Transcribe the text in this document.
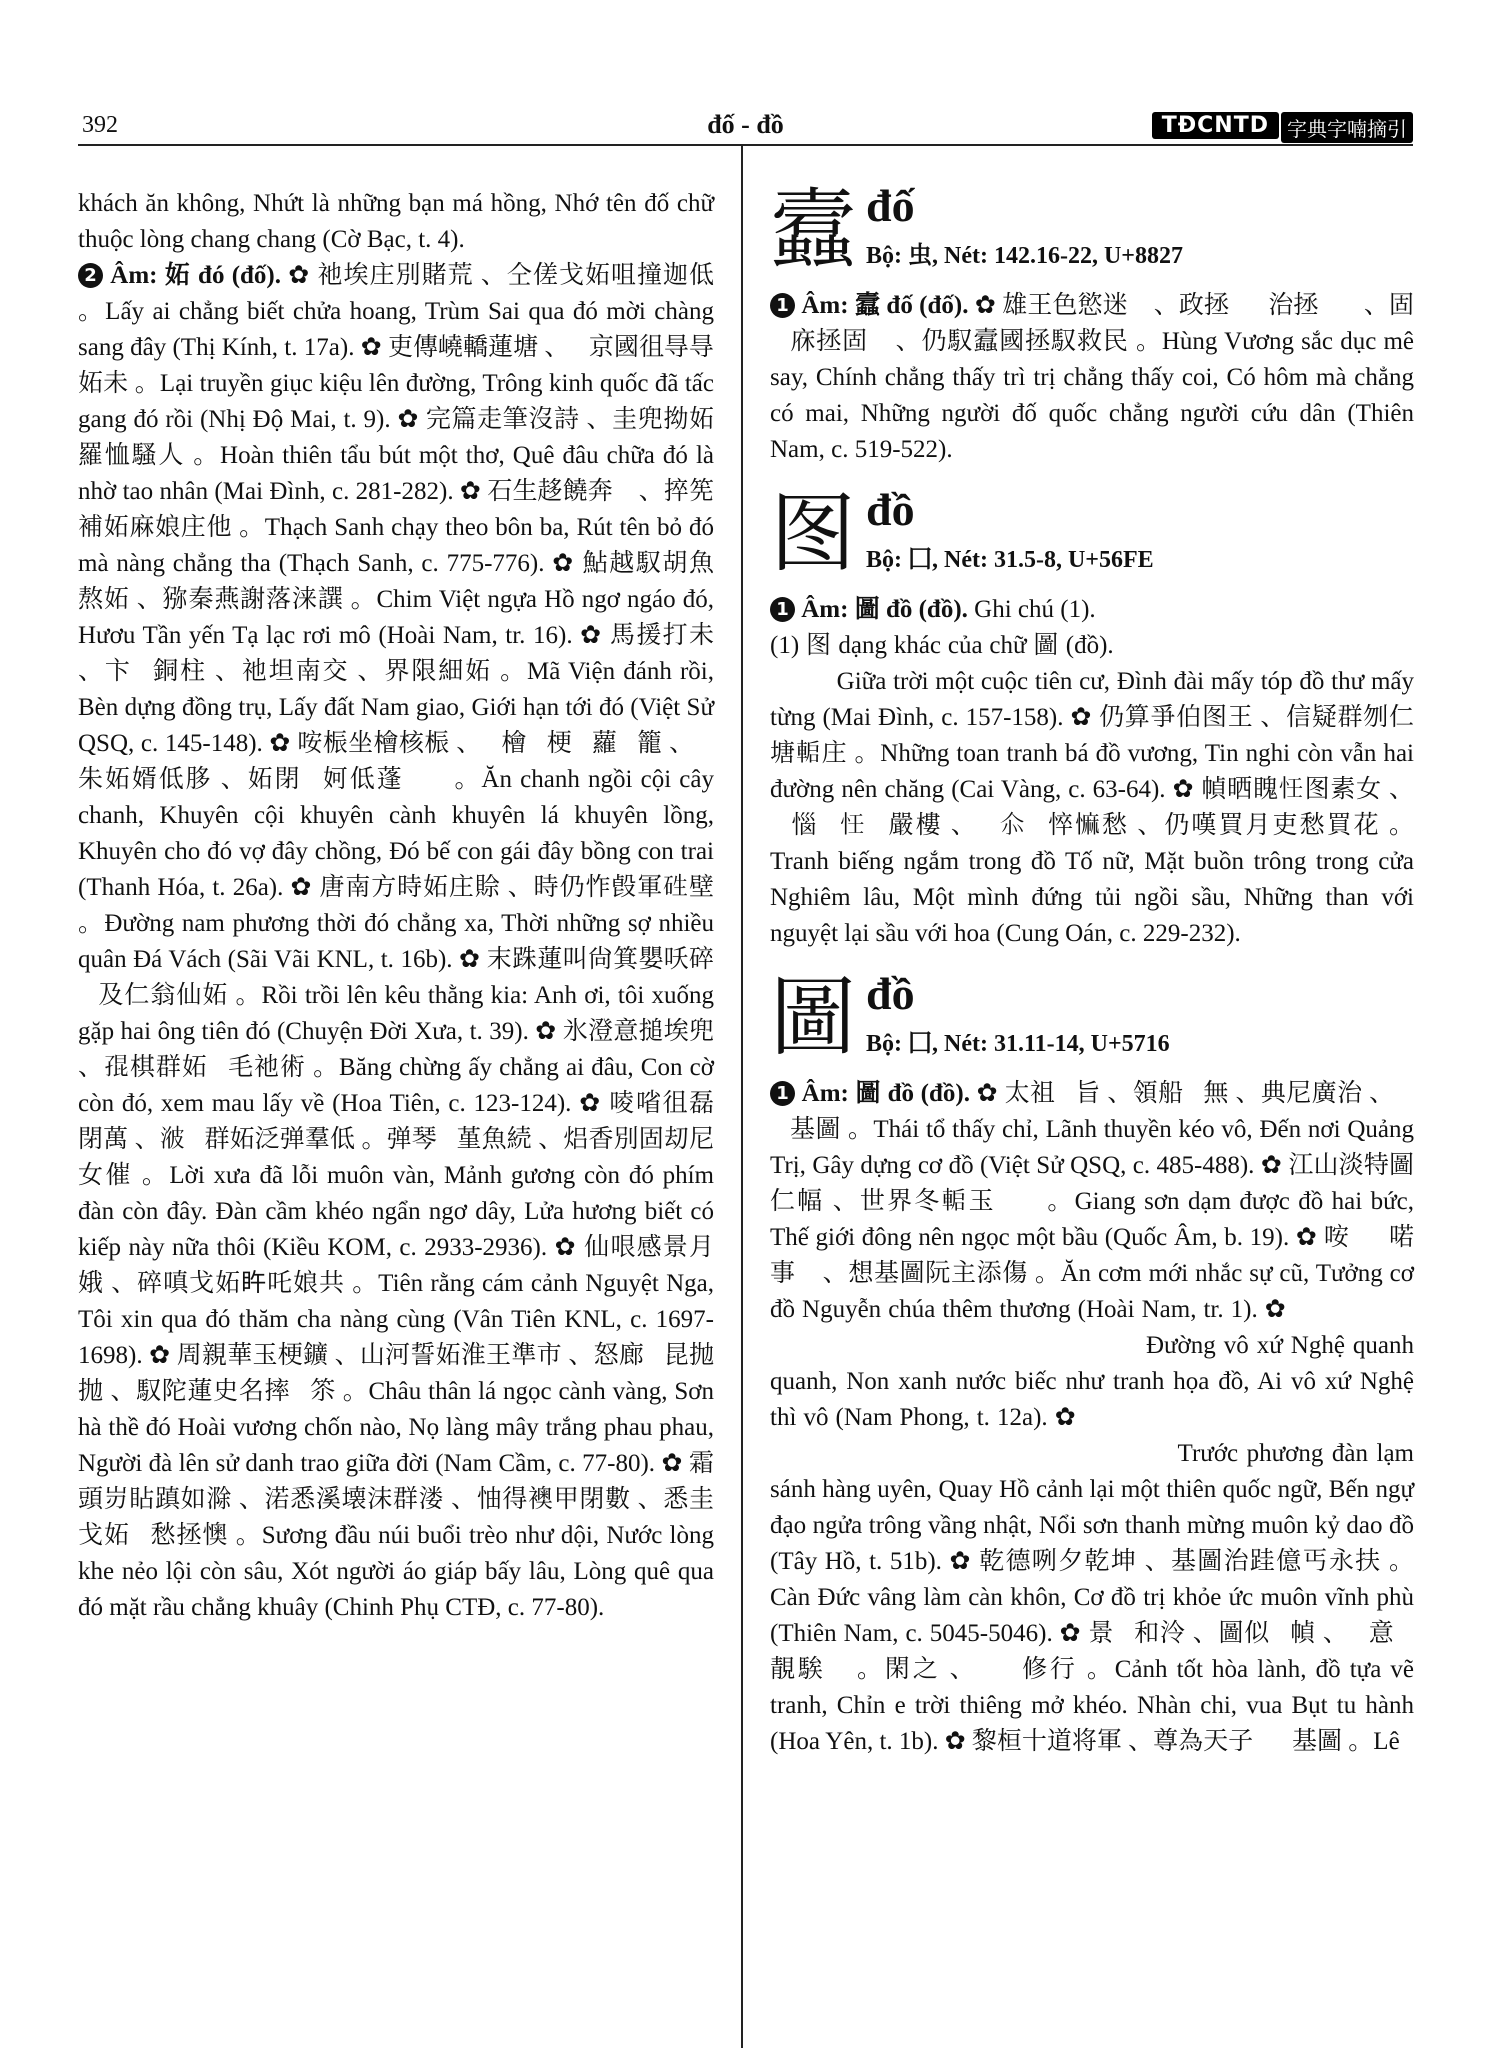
392	đố - đồ	TĐCNTD 字典字喃摘引

khách ăn không, Nhứt là những bạn má hồng, Nhớ tên đố chữ thuộc lòng chang chang (Cờ Bạc, t. 4).

2 Âm: 妬 đó (đố). ✿ 祂埃庄別賭荒 、仝傞戈妬咀撞迦低 。Lấy ai chẳng biết chửa hoang, Trùm Sai qua đó mời chàng sang đây (Thị Kính, t. 17a). ✿ 吏傳嶢轎蓮塘 、𨤵京國徂㝵㝵妬未 。Lại truyền giục kiệu lên đường, Trông kinh quốc đã tấc gang đó rồi (Nhị Độ Mai, t. 9). ✿ 完篇走筆沒詩 、圭兜拗妬羅恤騷人 。Hoàn thiên tẩu bút một thơ, Quê đâu chữa đó là nhờ tao nhân (Mai Đình, c. 281-282). ✿ 石生趍饒奔𠰳 、捽筅補妬麻娘庄他 。Thạch Sanh chạy theo bôn ba, Rút tên bỏ đó mà nàng chẳng tha (Thạch Sanh, c. 775-776). ✿ 鮎越馭胡魚熬妬 、猕秦燕謝落涞譔 。Chim Việt ngựa Hồ ngơ ngáo đó, Hươu Tần yến Tạ lạc rơi mô (Hoài Nam, tr. 16). ✿ 馬援打未 、卞𨀈銅柱 、祂坦南交 、界限細妬 。Mã Viện đánh rồi, Bèn dựng đồng trụ, Lấy đất Nam giao, Giới hạn tới đó (Việt Sử QSQ, c. 145-148). ✿ 咹桭坐檜核桭 、𡃊檜𡃊梗𡃊蘿𡃊籠 、𡃊朱妬婿低䏧 、妬閉𡥵妸低蓬𡥵𡥵 。Ăn chanh ngồi cội cây chanh, Khuyên cội khuyên cành khuyên lá khuyên lồng, Khuyên cho đó vợ đây chồng, Đó bế con gái đây bồng con trai (Thanh Hóa, t. 26a). ✿ 唐南方時妬庄賒 、時仍怍㲃軍𥑥壁 。Đường nam phương thời đó chẳng xa, Thời những sợ nhiều quân Đá Vách (Sãi Vãi KNL, t. 16b). ✿ 末跦蓮叫尙箕嬰㕭碎𨄹及仁翁仙妬 。Rồi trồi lên kêu thằng kia: Anh ơi, tôi xuống gặp hai ông tiên đó (Chuyện Đời Xưa, t. 39). ✿ 氷澄意搥埃兜 、𡥵棋群妬𧏵毛祂術 。Băng chừng ấy chẳng ai đâu, Con cờ còn đó, xem mau lấy về (Hoa Tiên, c. 123-124). ✿ 㖫㗂徂磊閉萬 、𣷭𠖤群妬泛弹羣低 。弹琴𡫡堇魚続 、焒香別固刧尼女催 。Lời xưa đã lỗi muôn vàn, Mảnh gương còn đó phím đàn còn đây. Đàn cầm khéo ngẩn ngơ dây, Lửa hương biết có kiếp này nữa thôi (Kiều KOM, c. 2933-2936). ✿ 仙哏感景月娥 、碎嗔戈妬𥄭吒娘共 。Tiên rằng cám cảnh Nguyệt Nga, Tôi xin qua đó thăm cha nàng cùng (Vân Tiên KNL, c. 1697-1698). ✿ 周親華玉梗鑛 、山河誓妬淮王準市 、怒廊𨖲昆抛抛 、馭陀蓮史名摔𦤾䇣 。Châu thân lá ngọc cành vàng, Sơn hà thề đó Hoài vương chốn nào, Nọ làng mây trắng phau phau, Người đà lên sử danh trao giữa đời (Nam Cầm, c. 77-80). ✿ 霜頭岃䀡蹎如滁 、渃悉溪壊沫群溇 、怞得襖甲閉數 、悉圭戈妬𩈘愁拯懊 。Sương đầu núi buổi trèo như dội, Nước lòng khe nẻo lội còn sâu, Xót người áo giáp bấy lâu, Lòng quê qua đó mặt rầu chẳng khuây (Chinh Phụ CTĐ, c. 77-80).

蠧 đố
Bộ: 虫, Nét: 142.16-22, U+8827

1 Âm: 蠧 đố (đố). ✿ 雄王色慾迷𪢂 、政拯𩇢𨀈治拯𩇢𥊛 、固𣋚庥拯固𣈙 、仍馭蠧國拯馭救民 。Hùng Vương sắc dục mê say, Chính chẳng thấy trì trị chẳng thấy coi, Có hôm mà chẳng có mai, Những người đố quốc chẳng người cứu dân (Thiên Nam, c. 519-522).

图 đồ
Bộ: 囗, Nét: 31.5-8, U+56FE

1 Âm: 圖 đồ (đồ). Ghi chú (1).

(1) 图 dạng khác của chữ 圖 (đồ). ✿ 𡧲𡗶沒局仙居 、亭臺𠇍塔图書𠇍層 。Giữa trời một cuộc tiên cư, Đình đài mấy tóp đồ thư mấy từng (Mai Đình, c. 157-158). ✿ 仍算爭伯图王 、信疑群刎仁塘𨌋庄 。Những toan tranh bá đồ vương, Tin nghi còn vẫn hai đường nên chăng (Cai Vàng, c. 63-64). ✿ 幀晒䁛𢗖图素女 、𩈘惱𨤵𢗖𨷯嚴樓 、𠬠𠇍𨀈悴𢠩愁 、仍嘆買月吏愁買花 。Tranh biếng ngắm trong đồ Tố nữ, Mặt buồn trông trong cửa Nghiêm lâu, Một mình đứng tủi ngồi sầu, Những than với nguyệt lại sầu với hoa (Cung Oán, c. 229-232).

圖 đồ
Bộ: 囗, Nét: 31.11-14, U+5716

1 Âm: 圖 đồ (đồ). ✿ 太祖𩇢旨 、領船𢭂無 、典尼廣治 、𢲫𨀈基圖 。Thái tổ thấy chỉ, Lãnh thuyền kéo vô, Đến nơi Quảng Trị, Gây dựng cơ đồ (Việt Sử QSQ, c. 485-488). ✿ 江山淡特圖仁幅 、世界冬𨌋玉𠁀𦆹 。Giang sơn dạm được đồ hai bức, Thế giới đông nên ngọc một bầu (Quốc Âm, b. 19). ✿ 咹𩛷𩈘喏事𦝄 、想基圖阮主添傷 。Ăn cơm mới nhắc sự cũ, Tưởng cơ đồ Nguyễn chúa thêm thương (Hoài Nam, tr. 1). ✿ 𡏦無處乂名名 、𡹝青氷碧如爭畫圖 、埃無處乂辰無 。Đường vô xứ Nghệ quanh quanh, Non xanh nước biếc như tranh họa đồ, Ai vô xứ Nghệ thì vô (Nam Phong, t. 12a). ✿ 𥪝芳弹𤀓聘行鴦 、揀湖景吏沒篇國語 、𨖲御道𨓈𨤵彙日 、浽山聲𢜠闖紀瑤圖 。Trước phương đàn lạm sánh hàng uyên, Quay Hồ cảnh lại một thiên quốc ngữ, Bến ngự đạo ngửa trông vầng nhật, Nổi sơn thanh mừng muôn kỷ dao đồ (Tây Hồ, t. 51b). ✿ 乾德咧夕乾坤 、基圖治跬億丐永扶 。Càn Đức vâng làm càn khôn, Cơ đồ trị khỏe ức muôn vĩnh phù (Thiên Nam, c. 5045-5046). ✿ 景𡫡和泠 、圖似𢑽幀 、𠫾意𠓨靚騃𡫡 。閑之 、𥛭𡊲修行 。Cảnh tốt hòa lành, đồ tựa vẽ tranh, Chỉn e trời thiêng mở khéo. Nhàn chi, vua Bụt tu hành (Hoa Yên, t. 1b). ✿ 黎桓十道将軍 、尊為天子𨀈𡃚基圖 。Lê
